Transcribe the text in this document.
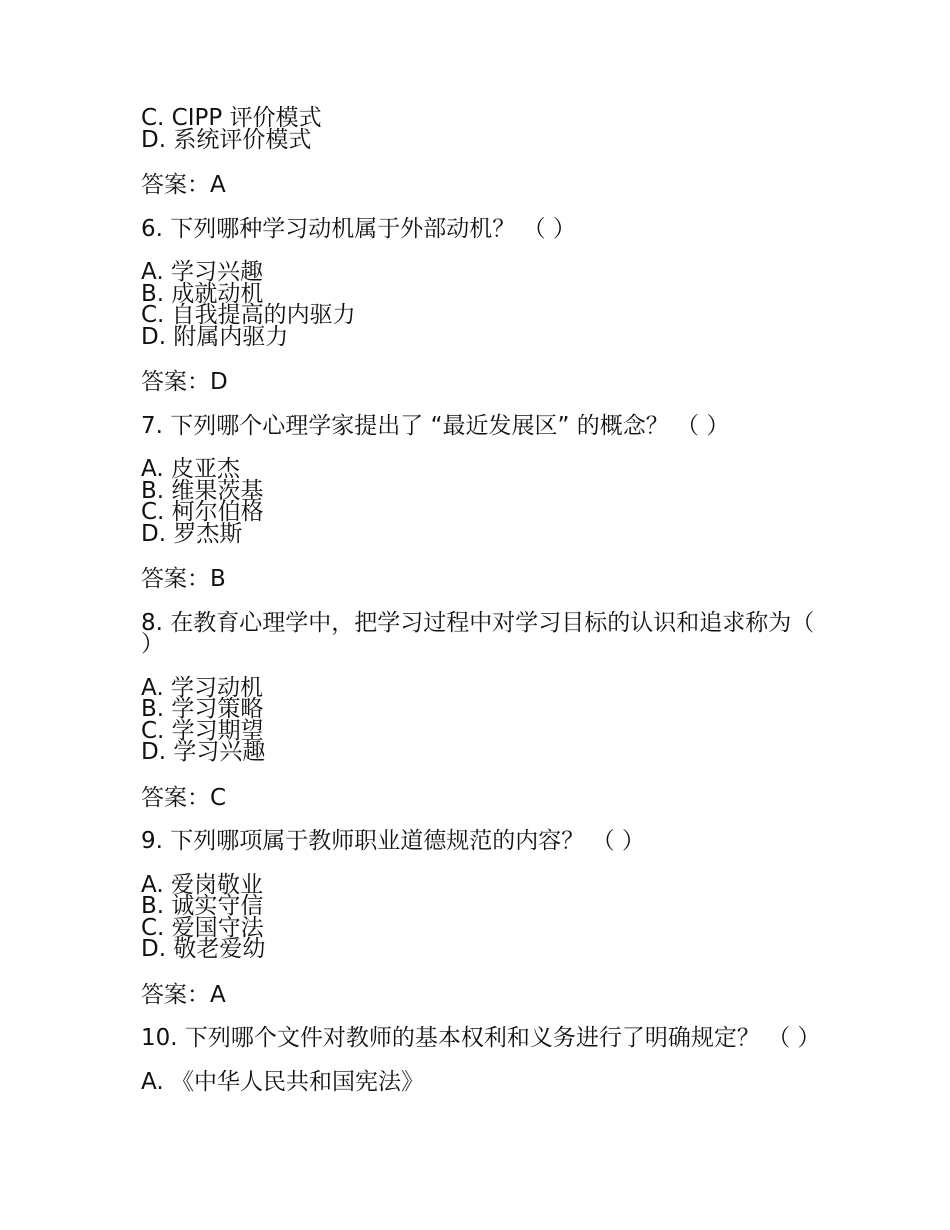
C. CIPP 评价模式
D. 系统评价模式
答案：A
6. 下列哪种学习动机属于外部动机？ （ ）
A. 学习兴趣
B. 成就动机
C. 自我提高的内驱力
D. 附属内驱力
答案：D
7. 下列哪个心理学家提出了 “最近发展区” 的概念？ （ ）
A. 皮亚杰
B. 维果茨基
C. 柯尔伯格
D. 罗杰斯
答案：B
8. 在教育心理学中，把学习过程中对学习目标的认识和追求称为（ ）
A. 学习动机
B. 学习策略
C. 学习期望
D. 学习兴趣
答案：C
9. 下列哪项属于教师职业道德规范的内容？ （ ）
A. 爱岗敬业
B. 诚实守信
C. 爱国守法
D. 敬老爱幼
答案：A
10. 下列哪个文件对教师的基本权利和义务进行了明确规定？ （ ）
A. 《中华人民共和国宪法》
